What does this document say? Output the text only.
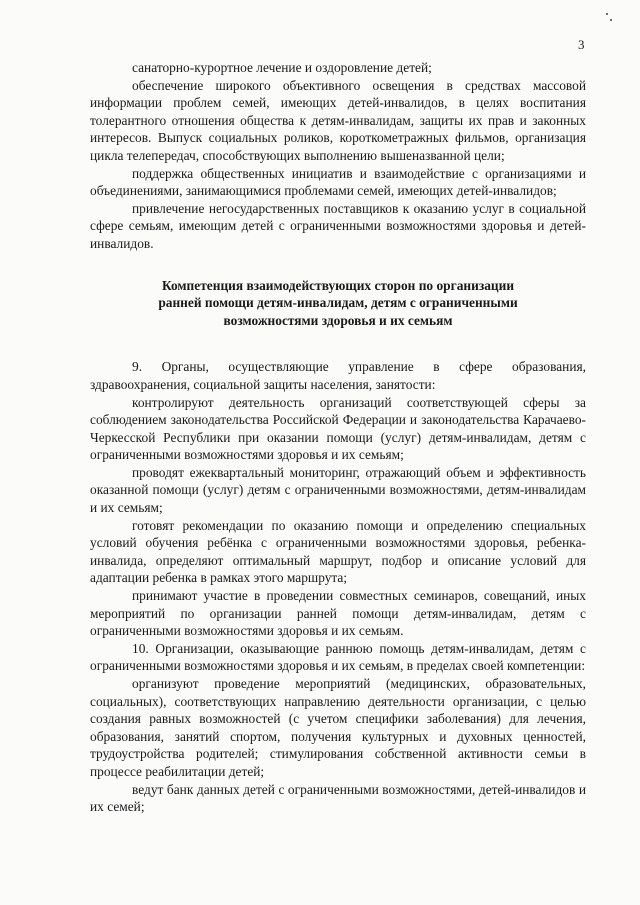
3

санаторно-курортное лечение и оздоровление детей;

обеспечение широкого объективного освещения в средствах массовой информации проблем семей, имеющих детей-инвалидов, в целях воспитания толерантного отношения общества к детям-инвалидам, защиты их прав и законных интересов. Выпуск социальных роликов, короткометражных фильмов, организация цикла телепередач, способствующих выполнению вышеназванной цели;

поддержка общественных инициатив и взаимодействие с организациями и объединениями, занимающимися проблемами семей, имеющих детей-инвалидов;

привлечение негосударственных поставщиков к оказанию услуг в социальной сфере семьям, имеющим детей с ограниченными возможностями здоровья и детей-инвалидов.

Компетенция взаимодействующих сторон по организации
ранней помощи детям-инвалидам, детям с ограниченными
возможностями здоровья и их семьям

9. Органы, осуществляющие управление в сфере образования, здравоохранения, социальной защиты населения, занятости:

контролируют деятельность организаций соответствующей сферы за соблюдением законодательства Российской Федерации и законодательства Карачаево-Черкесской Республики при оказании помощи (услуг) детям-инвалидам, детям с ограниченными возможностями здоровья и их семьям;

проводят ежеквартальный мониторинг, отражающий объем и эффективность оказанной помощи (услуг) детям с ограниченными возможностями, детям-инвалидам и их семьям;

готовят рекомендации по оказанию помощи и определению специальных условий обучения ребёнка с ограниченными возможностями здоровья, ребенка-инвалида, определяют оптимальный маршрут, подбор и описание условий для адаптации ребенка в рамках этого маршрута;

принимают участие в проведении совместных семинаров, совещаний, иных мероприятий по организации ранней помощи детям-инвалидам, детям с ограниченными возможностями здоровья и их семьям.

10. Организации, оказывающие раннюю помощь детям-инвалидам, детям с ограниченными возможностями здоровья и их семьям, в пределах своей компетенции:

организуют проведение мероприятий (медицинских, образовательных, социальных), соответствующих направлению деятельности организации, с целью создания равных возможностей (с учетом специфики заболевания) для лечения, образования, занятий спортом, получения культурных и духовных ценностей, трудоустройства родителей; стимулирования собственной активности семьи в процессе реабилитации детей;

ведут банк данных детей с ограниченными возможностями, детей-инвалидов и их семей;
